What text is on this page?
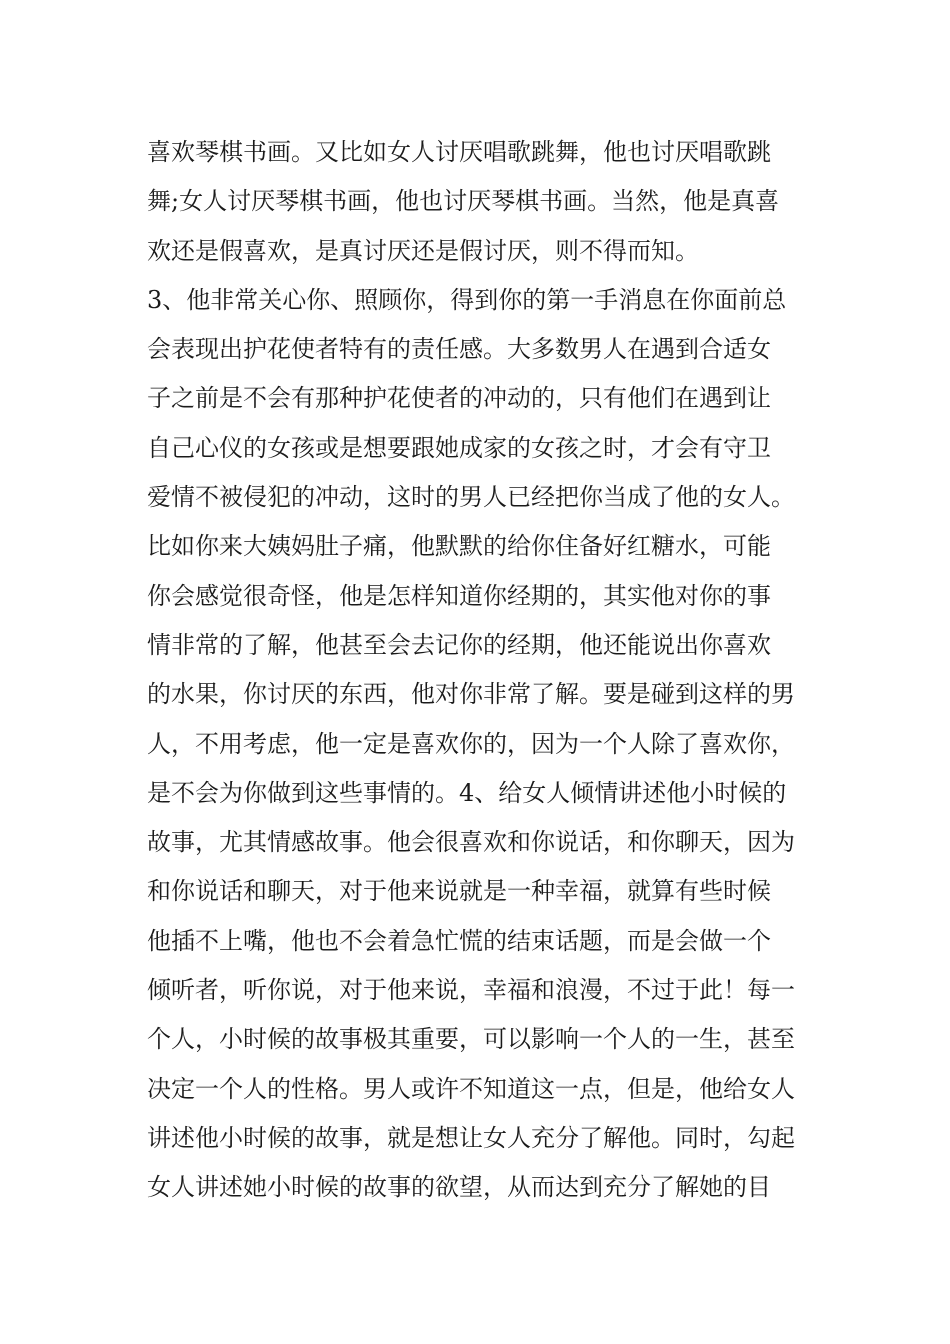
喜欢琴棋书画。又比如女人讨厌唱歌跳舞，他也讨厌唱歌跳
舞;女人讨厌琴棋书画，他也讨厌琴棋书画。当然，他是真喜
欢还是假喜欢，是真讨厌还是假讨厌，则不得而知。
3、他非常关心你、照顾你，得到你的第一手消息在你面前总
会表现出护花使者特有的责任感。大多数男人在遇到合适女
子之前是不会有那种护花使者的冲动的，只有他们在遇到让
自己心仪的女孩或是想要跟她成家的女孩之时，才会有守卫
爱情不被侵犯的冲动，这时的男人已经把你当成了他的女人。
比如你来大姨妈肚子痛，他默默的给你住备好红糖水，可能
你会感觉很奇怪，他是怎样知道你经期的，其实他对你的事
情非常的了解，他甚至会去记你的经期，他还能说出你喜欢
的水果，你讨厌的东西，他对你非常了解。要是碰到这样的男
人，不用考虑，他一定是喜欢你的，因为一个人除了喜欢你，
是不会为你做到这些事情的。4、给女人倾情讲述他小时候的
故事，尤其情感故事。他会很喜欢和你说话，和你聊天，因为
和你说话和聊天，对于他来说就是一种幸福，就算有些时候
他插不上嘴，他也不会着急忙慌的结束话题，而是会做一个
倾听者，听你说，对于他来说，幸福和浪漫，不过于此！每一
个人，小时候的故事极其重要，可以影响一个人的一生，甚至
决定一个人的性格。男人或许不知道这一点，但是，他给女人
讲述他小时候的故事，就是想让女人充分了解他。同时，勾起
女人讲述她小时候的故事的欲望，从而达到充分了解她的目
